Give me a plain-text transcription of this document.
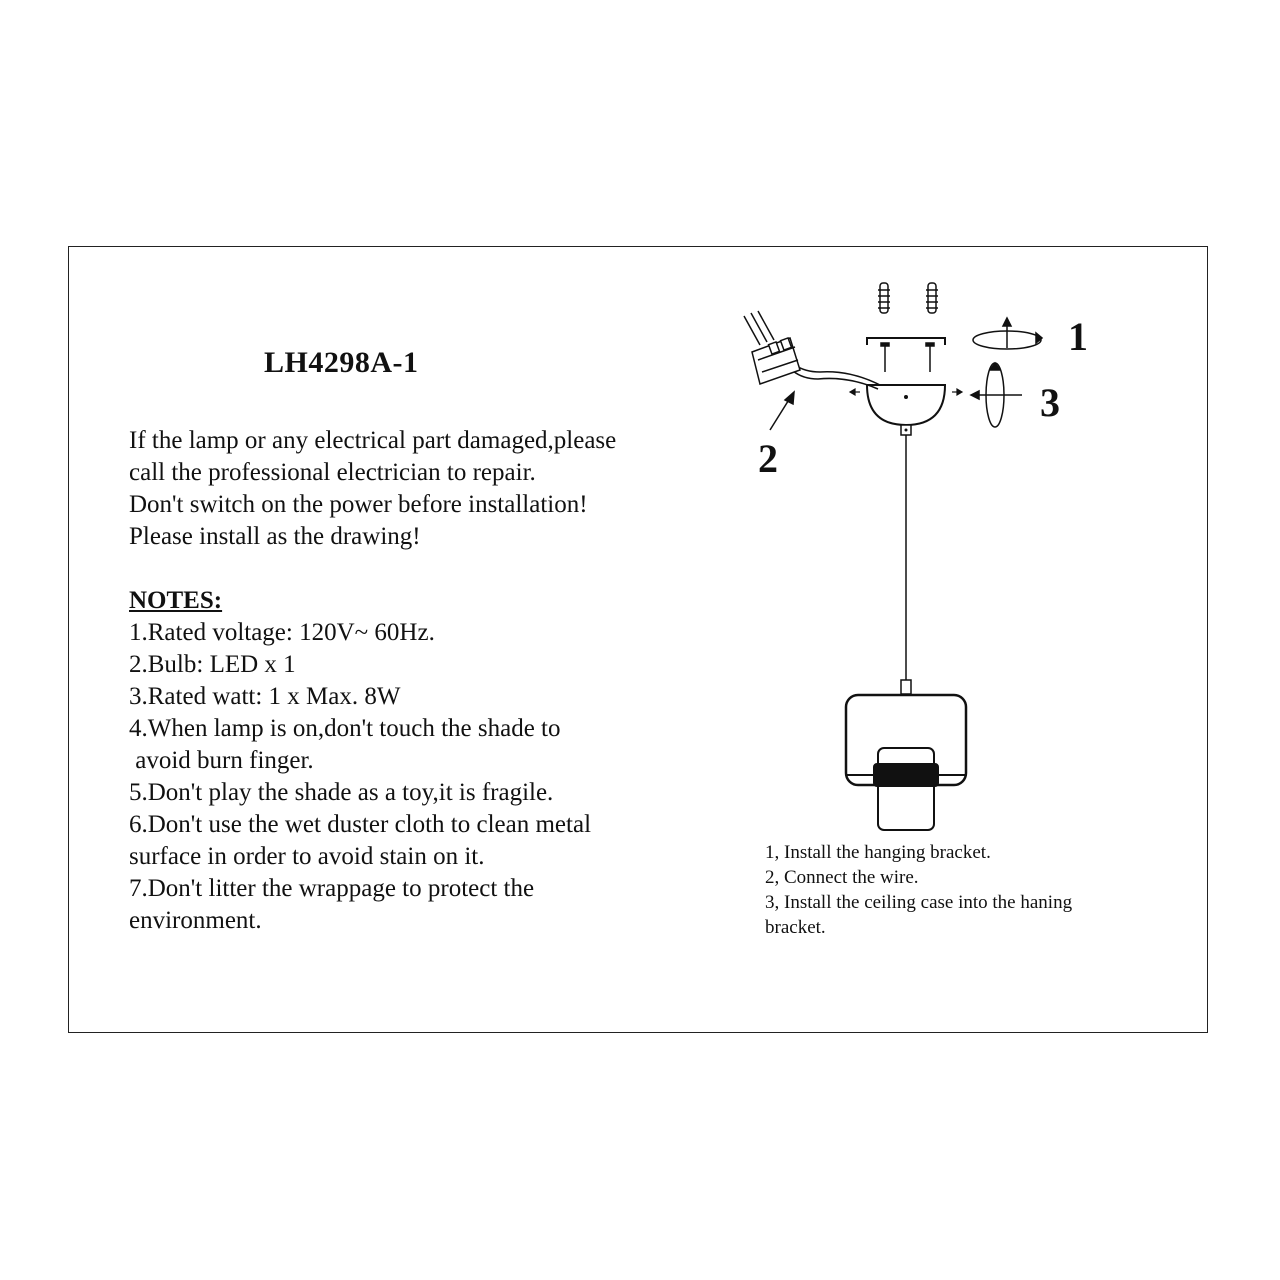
LH4298A-1
If the lamp or any electrical part damaged,please
call the professional electrician to repair.
Don't switch on the power before installation!
Please install as the drawing!
NOTES:
1.Rated voltage: 120V~ 60Hz.
2.Bulb: LED x 1
3.Rated watt: 1 x Max. 8W
4.When lamp is on,don't touch the shade to
avoid burn finger.
5.Don't play the shade as a toy,it is fragile.
6.Don't use the wet duster cloth to clean metal
surface in order to avoid stain on it.
7.Don't litter the wrappage to protect the
environment.
1
3
2
1, Install the hanging bracket.
2, Connect the wire.
3, Install the ceiling case into the haning
bracket.
